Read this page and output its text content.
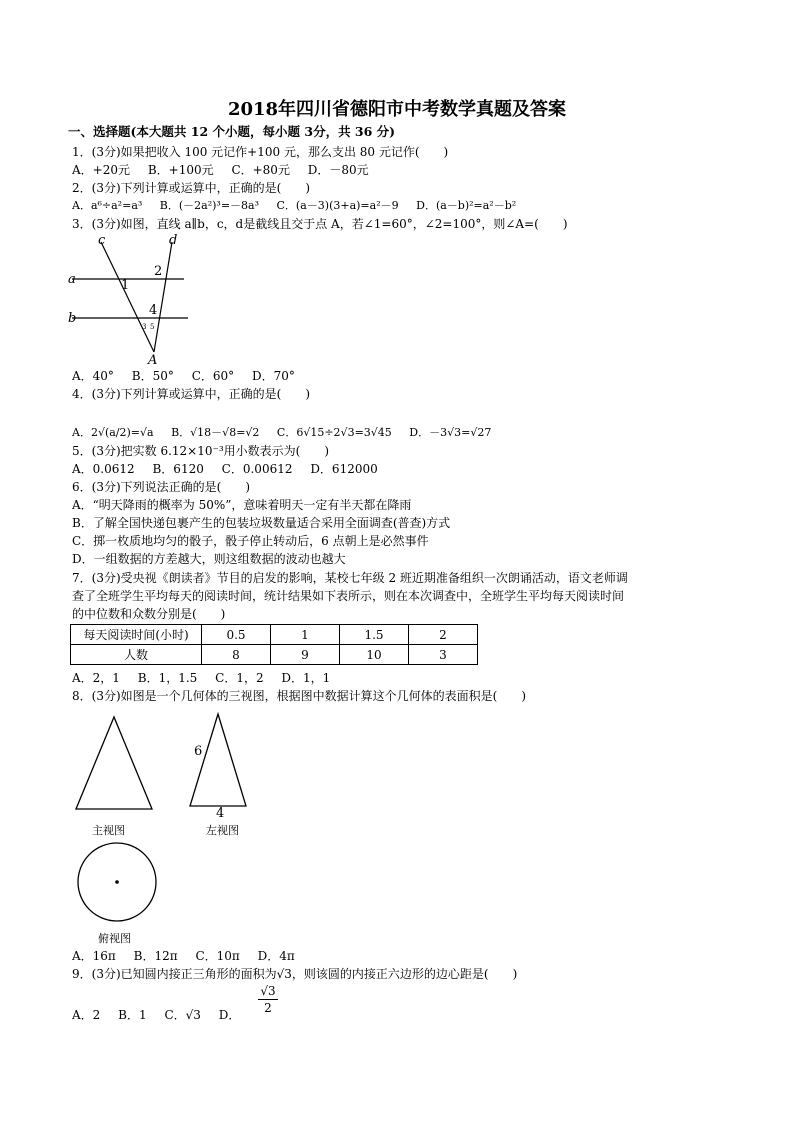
2018年四川省德阳市中考数学真题及答案
一、选择题(本大题共 12 个小题，每小题 3分，共 36 分)
1．(3分)如果把收入 100 元记作+100 元，那么支出 80 元记作(　　)
A．+20元 B．+100元 C．+80元 D．－80元
2．(3分)下列计算或运算中，正确的是(　　)
A．a⁶÷a²=a³ B．(－2a²)³=－8a³ C．(a－3)(3+a)=a²－9 D．(a－b)²=a²－b²
3．(3分)如图，直线 a∥b，c，d是截线且交于点 A，若∠1=60°，∠2=100°，则∠A=(　　)
c	d
a
b
1
2
3
4
5
A
A．40° B．50° C．60° D．70°
4．(3分)下列计算或运算中，正确的是(　　)
A．2√(a/2)=√a B．√18－√8=√2 C．6√15÷2√3=3√45 D．－3√3=√27
5．(3分)把实数 6.12×10⁻³用小数表示为(　　)
A．0.0612 B．6120 C．0.00612 D．612000
6．(3分)下列说法正确的是(　　)
A．“明天降雨的概率为 50%”，意味着明天一定有半天都在降雨
B．了解全国快递包裹产生的包装垃圾数量适合采用全面调查(普查)方式
C．掷一枚质地均匀的骰子，骰子停止转动后，6 点朝上是必然事件
D．一组数据的方差越大，则这组数据的波动也越大
7．(3分)受央视《朗读者》节目的启发的影响，某校七年级 2 班近期准备组织一次朗诵活动，语文老师调
查了全班学生平均每天的阅读时间，统计结果如下表所示，则在本次调查中，全班学生平均每天阅读时间
的中位数和众数分别是(　　)
每天阅读时间(小时)	0.5	1	1.5	2
人数	8	9	10	3
A．2，1 B．1，1.5 C．1，2 D．1，1
8．(3分)如图是一个几何体的三视图，根据图中数据计算这个几何体的表面积是(　　)
主视图
6
4
左视图
俯视图
A．16π B．12π C．10π D．4π
9．(3分)已知圆内接正三角形的面积为√3，则该圆的内接正六边形的边心距是(　　)
A．2 B．1 C．√3 D．
√3
2
